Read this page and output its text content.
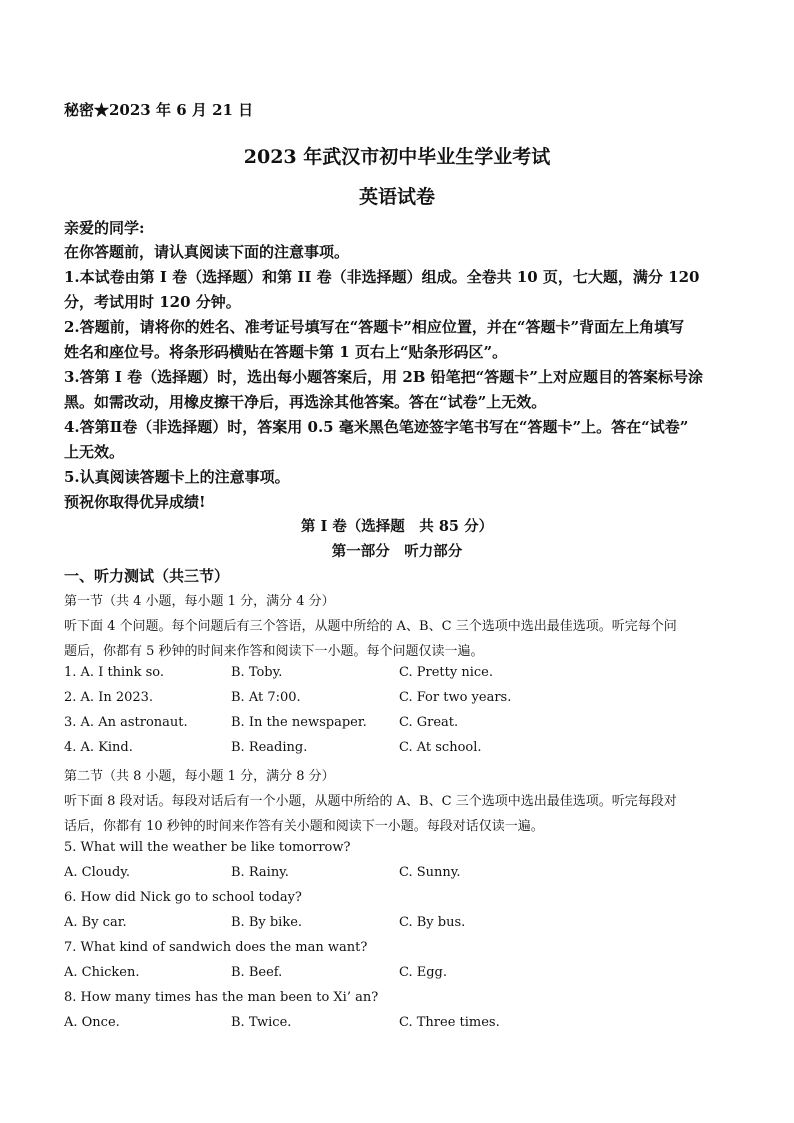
秘密★2023 年 6 月 21 日
2023 年武汉市初中毕业生学业考试
英语试卷
亲爱的同学:
在你答题前，请认真阅读下面的注意事项。
1.本试卷由第 I 卷（选择题）和第 II 卷（非选择题）组成。全卷共 10 页，七大题，满分 120
分，考试用时 120 分钟。
2.答题前，请将你的姓名、准考证号填写在“答题卡”相应位置，并在“答题卡”背面左上角填写
姓名和座位号。将条形码横贴在答题卡第 1 页右上“贴条形码区”。
3.答第 I 卷（选择题）时，选出每小题答案后，用 2B 铅笔把“答题卡”上对应题目的答案标号涂
黑。如需改动，用橡皮擦干净后，再选涂其他答案。答在“试卷”上无效。
4.答第Ⅱ卷（非选择题）时，答案用 0.5 毫米黑色笔迹签字笔书写在“答题卡”上。答在“试卷”
上无效。
5.认真阅读答题卡上的注意事项。
预祝你取得优异成绩!
第 I 卷（选择题　共 85 分）
第一部分　听力部分
一、听力测试（共三节）
第一节（共 4 小题，每小题 1 分，满分 4 分）
听下面 4 个问题。每个问题后有三个答语，从题中所给的 A、B、C 三个选项中选出最佳选项。听完每个问
题后，你都有 5 秒钟的时间来作答和阅读下一小题。每个问题仅读一遍。
1. A. I think so.	B. Toby.	C. Pretty nice.
2. A. In 2023.	B. At 7:00.	C. For two years.
3. A. An astronaut.	B. In the newspaper. C. Great.
4. A. Kind.	B. Reading.	C. At school.
第二节（共 8 小题，每小题 1 分，满分 8 分）
听下面 8 段对话。每段对话后有一个小题，从题中所给的 A、B、C 三个选项中选出最佳选项。听完每段对
话后，你都有 10 秒钟的时间来作答有关小题和阅读下一小题。每段对话仅读一遍。
5. What will the weather be like tomorrow?
A. Cloudy.	B. Rainy.	C. Sunny.
6. How did Nick go to school today?
A. By car.	B. By bike.	C. By bus.
7. What kind of sandwich does the man want?
A. Chicken.	B. Beef.	C. Egg.
8. How many times has the man been to Xi’ an?
A. Once.	B. Twice.	C. Three times.
